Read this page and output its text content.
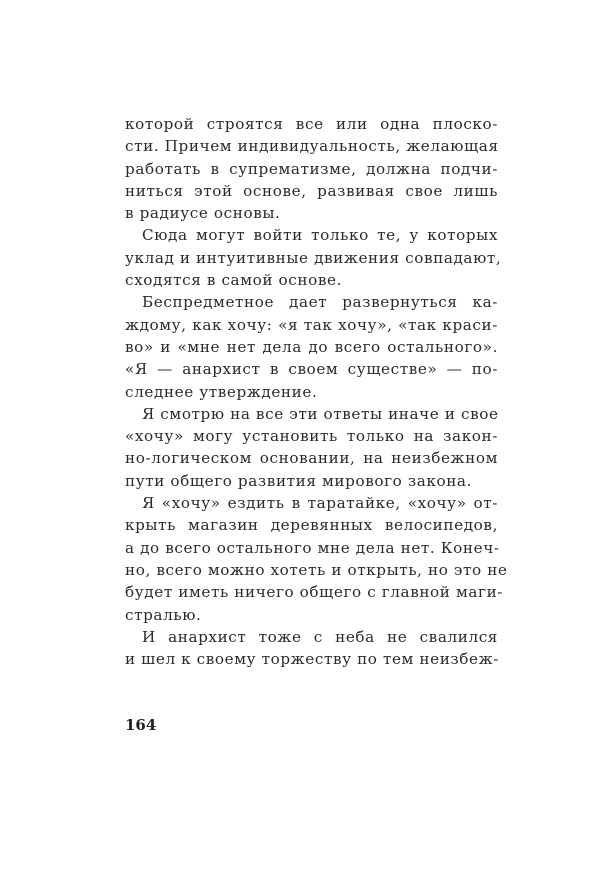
которой строятся все или одна плоско-
сти. Причем индивидуальность, желающая
работать в супрематизме, должна подчи-
ниться этой основе, развивая свое лишь
в радиусе основы.
Сюда могут войти только те, у которых
уклад и интуитивные движения совпадают,
сходятся в самой основе.
Беспредметное дает развернуться ка-
ждому, как хочу: «я так хочу», «так краси-
во» и «мне нет дела до всего остального».
«Я — анархист в своем существе» — по-
следнее утверждение.
Я смотрю на все эти ответы иначе и свое
«хочу» могу установить только на закон-
но-логическом основании, на неизбежном
пути общего развития мирового закона.
Я «хочу» ездить в таратайке, «хочу» от-
крыть магазин деревянных велосипедов,
а до всего остального мне дела нет. Конеч-
но, всего можно хотеть и открыть, но это не
будет иметь ничего общего с главной маги-
стралью.
И анархист тоже с неба не свалился
и шел к своему торжеству по тем неизбеж-
164
